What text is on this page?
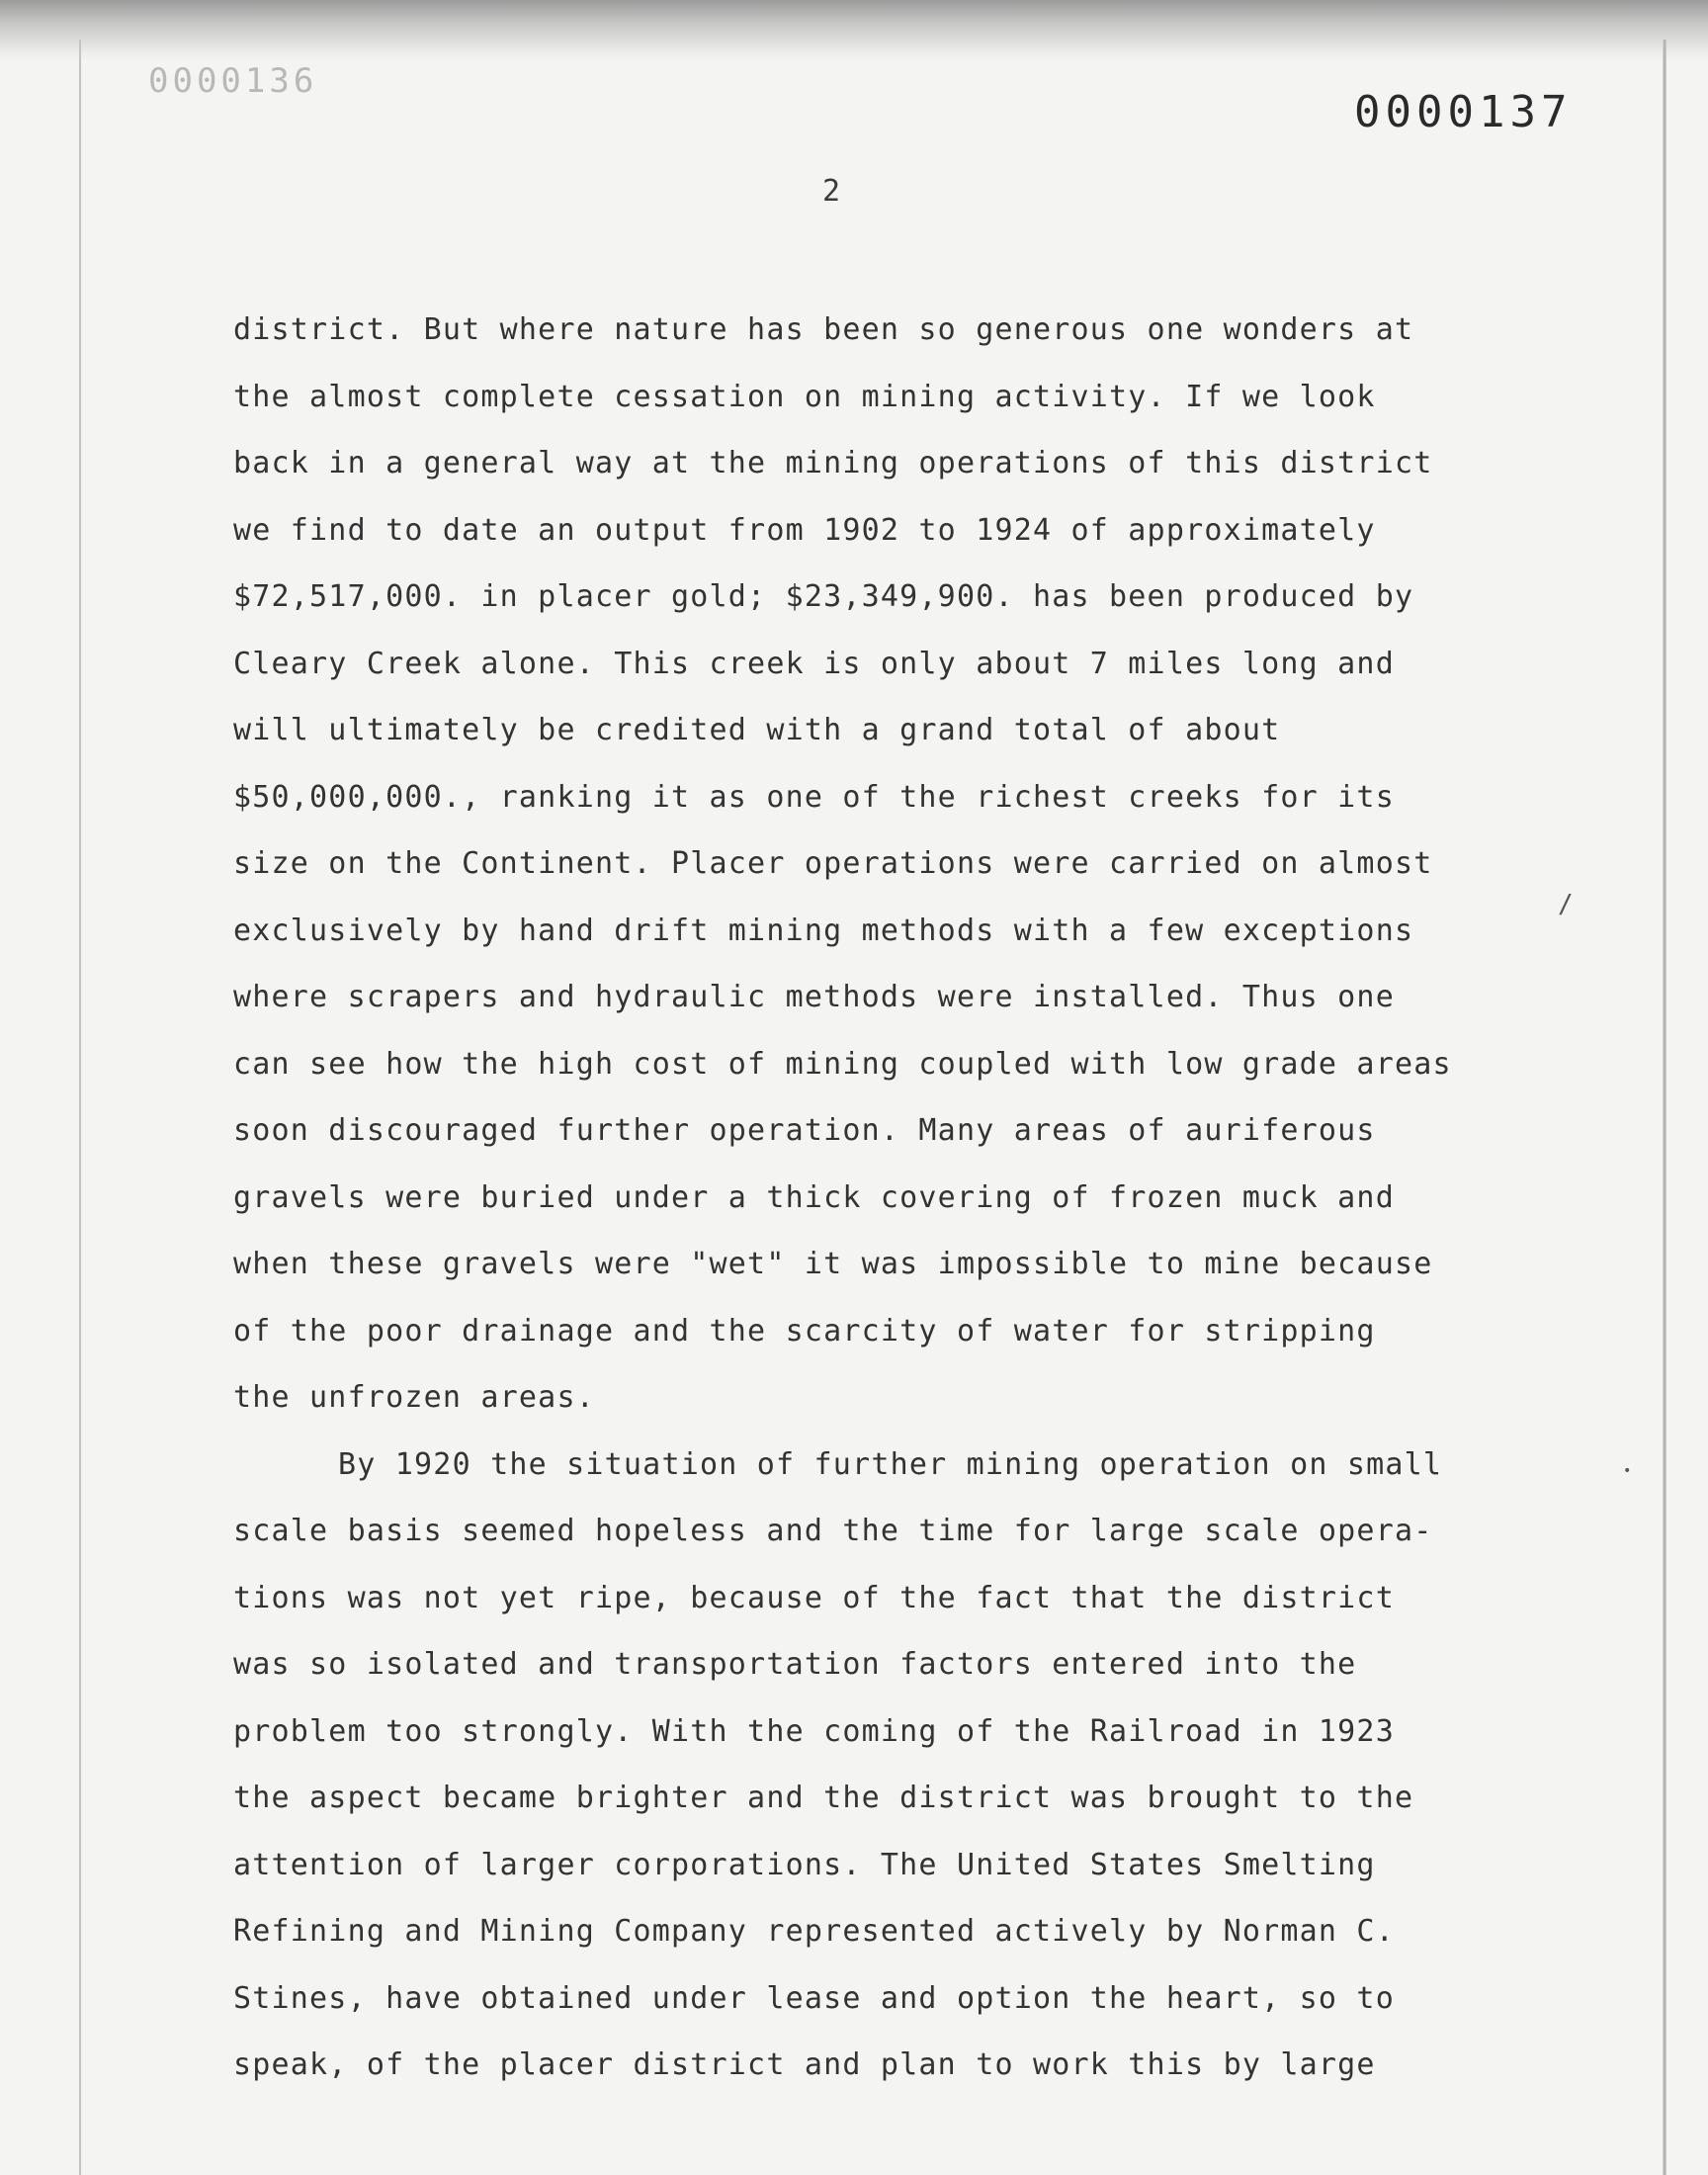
0000136
0000137
2
district. But where nature has been so generous one wonders at
the almost complete cessation on mining activity. If we look
back in a general way at the mining operations of this district
we find to date an output from 1902 to 1924 of approximately
$72,517,000. in placer gold; $23,349,900. has been produced by
Cleary Creek alone. This creek is only about 7 miles long and
will ultimately be credited with a grand total of about
$50,000,000., ranking it as one of the richest creeks for its
size on the Continent. Placer operations were carried on almost
exclusively by hand drift mining methods with a few exceptions
where scrapers and hydraulic methods were installed. Thus one
can see how the high cost of mining coupled with low grade areas
soon discouraged further operation. Many areas of auriferous
gravels were buried under a thick covering of frozen muck and
when these gravels were "wet" it was impossible to mine because
of the poor drainage and the scarcity of water for stripping
the unfrozen areas.
By 1920 the situation of further mining operation on small
scale basis seemed hopeless and the time for large scale opera-
tions was not yet ripe, because of the fact that the district
was so isolated and transportation factors entered into the
problem too strongly. With the coming of the Railroad in 1923
the aspect became brighter and the district was brought to the
attention of larger corporations. The United States Smelting
Refining and Mining Company represented actively by Norman C.
Stines, have obtained under lease and option the heart, so to
speak, of the placer district and plan to work this by large
/
•
